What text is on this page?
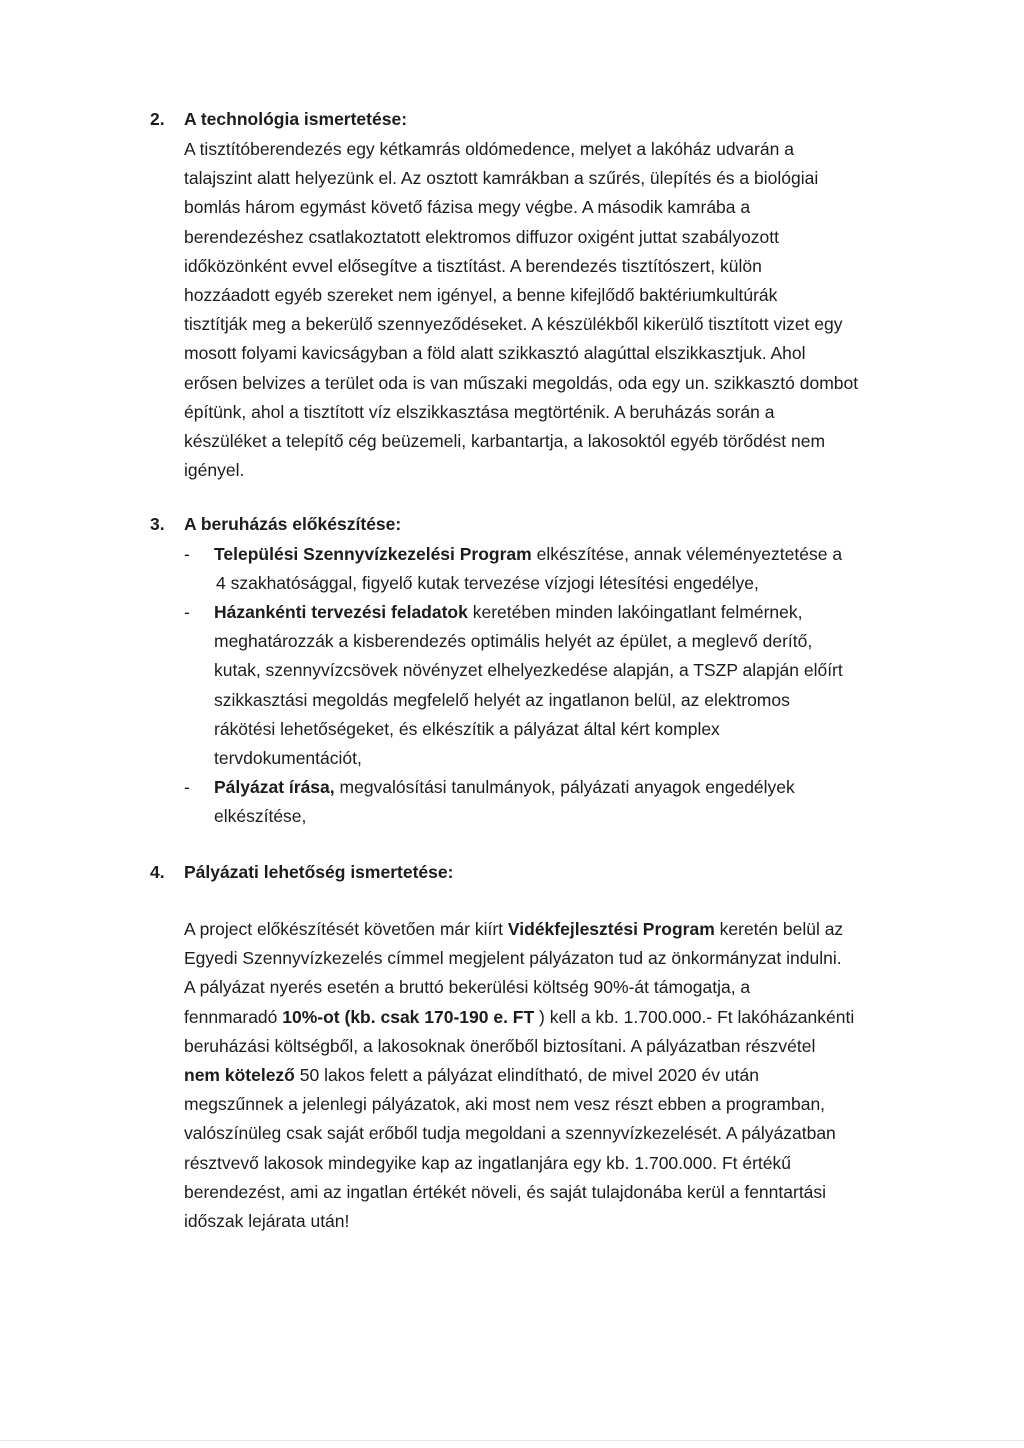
2. A technológia ismertetése:
A tisztítóberendezés egy kétkamrás oldómedence, melyet a lakóház udvarán a
talajszint alatt helyezünk el. Az osztott kamrákban a szűrés, ülepítés és a biológiai
bomlás három egymást követő fázisa megy végbe. A második kamrába a
berendezéshez csatlakoztatott elektromos diffuzor oxigént juttat szabályozott
időközönként evvel elősegítve a tisztítást. A berendezés tisztítószert, külön
hozzáadott egyéb szereket nem igényel, a benne kifejlődő baktériumkultúrák
tisztítják meg a bekerülő szennyeződéseket. A készülékből kikerülő tisztított vizet egy
mosott folyami kavicságyban a föld alatt szikkasztó alagúttal elszikkasztjuk. Ahol
erősen belvizes a terület oda is van műszaki megoldás, oda egy un. szikkasztó dombot
építünk, ahol a tisztított víz elszikkasztása megtörténik. A beruházás során a
készüléket a telepítő cég beüzemeli, karbantartja, a lakosoktól egyéb törődést nem
igényel.
3. A beruházás előkészítése:
- Települési Szennyvízkezelési Program elkészítése, annak véleményeztetése a
4 szakhatósággal, figyelő kutak tervezése vízjogi létesítési engedélye,
- Házankénti tervezési feladatok keretében minden lakóingatlant felmérnek,
meghatározzák a kisberendezés optimális helyét az épület, a meglevő derítő,
kutak, szennyvízcsövek növényzet elhelyezkedése alapján, a TSZP alapján előírt
szikkasztási megoldás megfelelő helyét az ingatlanon belül, az elektromos
rákötési lehetőségeket, és elkészítik a pályázat által kért komplex
tervdokumentációt,
- Pályázat írása, megvalósítási tanulmányok, pályázati anyagok engedélyek
elkészítése,
4. Pályázati lehetőség ismertetése:
A project előkészítését követően már kiírt Vidékfejlesztési Program keretén belül az
Egyedi Szennyvízkezelés címmel megjelent pályázaton tud az önkormányzat indulni.
A pályázat nyerés esetén a bruttó bekerülési költség 90%-át támogatja, a
fennmaradó 10%-ot (kb. csak 170-190 e. FT ) kell a kb. 1.700.000.- Ft lakóházankénti
beruházási költségből, a lakosoknak önerőből biztosítani. A pályázatban részvétel
nem kötelező 50 lakos felett a pályázat elindítható, de mivel 2020 év után
megszűnnek a jelenlegi pályázatok, aki most nem vesz részt ebben a programban,
valószínüleg csak saját erőből tudja megoldani a szennyvízkezelését. A pályázatban
résztvevő lakosok mindegyike kap az ingatlanjára egy kb. 1.700.000. Ft értékű
berendezést, ami az ingatlan értékét növeli, és saját tulajdonába kerül a fenntartási
időszak lejárata után!
